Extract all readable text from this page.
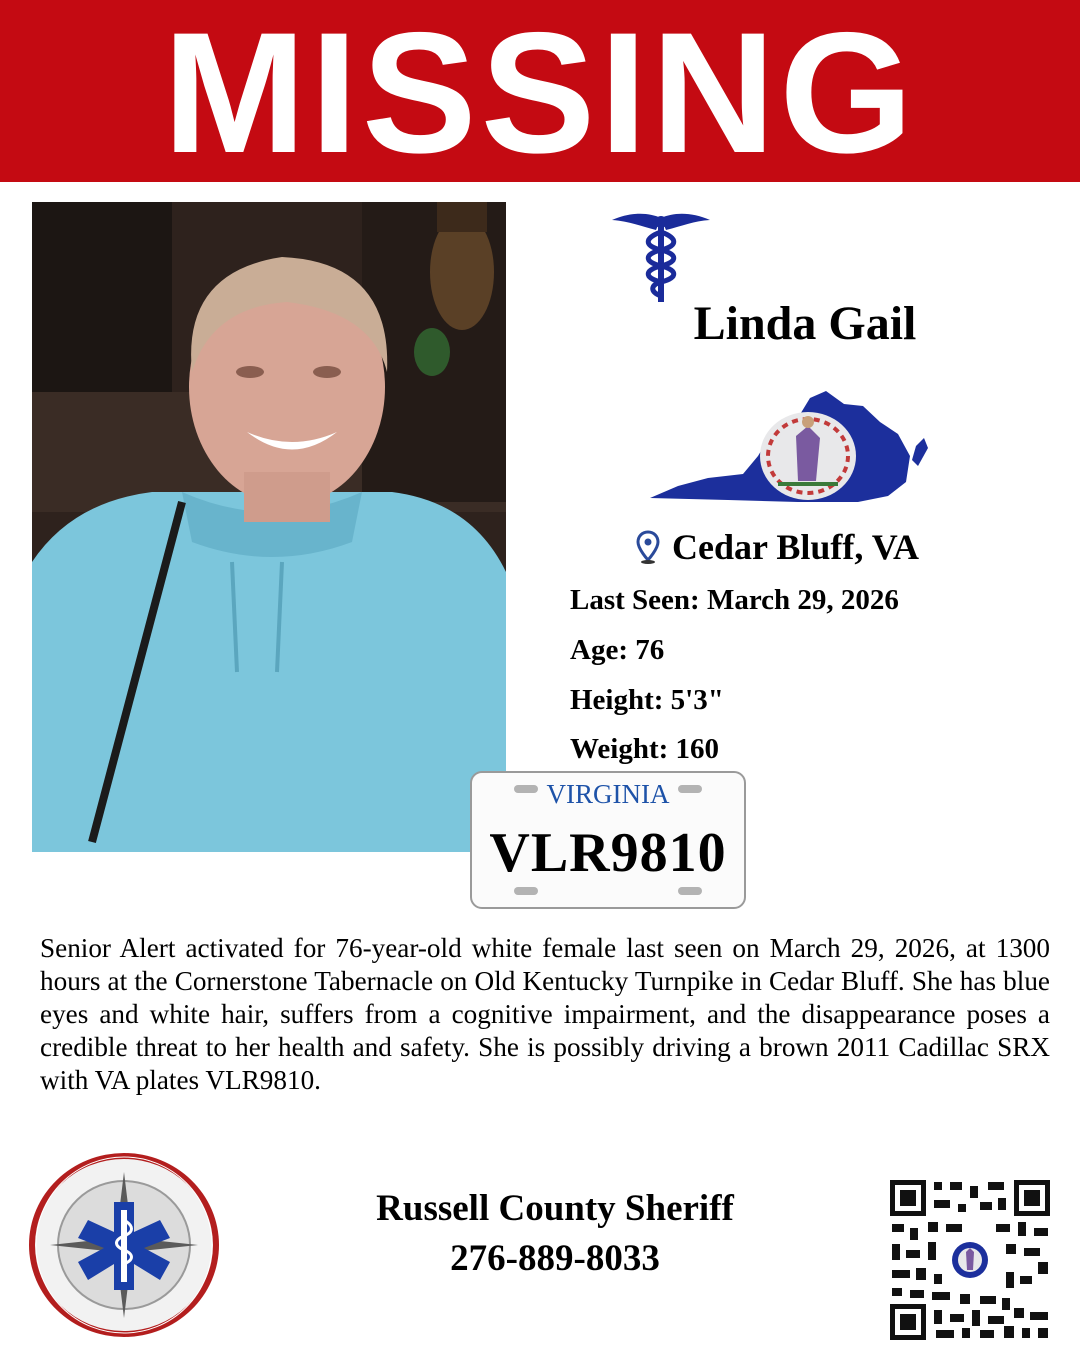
MISSING
Linda Gail
Cedar Bluff, VA
Last Seen: March 29, 2026
Age: 76
Height: 5'3"
Weight: 160
VIRGINIA
VLR9810
Senior Alert activated for 76-year-old white female last seen on March 29, 2026, at 1300 hours at the Cornerstone Tabernacle on Old Kentucky Turnpike in Cedar Bluff. She has blue eyes and white hair, suffers from a cognitive impairment, and the disappearance poses a credible threat to her health and safety. She is possibly driving a brown 2011 Cadillac SRX with VA plates VLR9810.
Russell County Sheriff
276-889-8033
